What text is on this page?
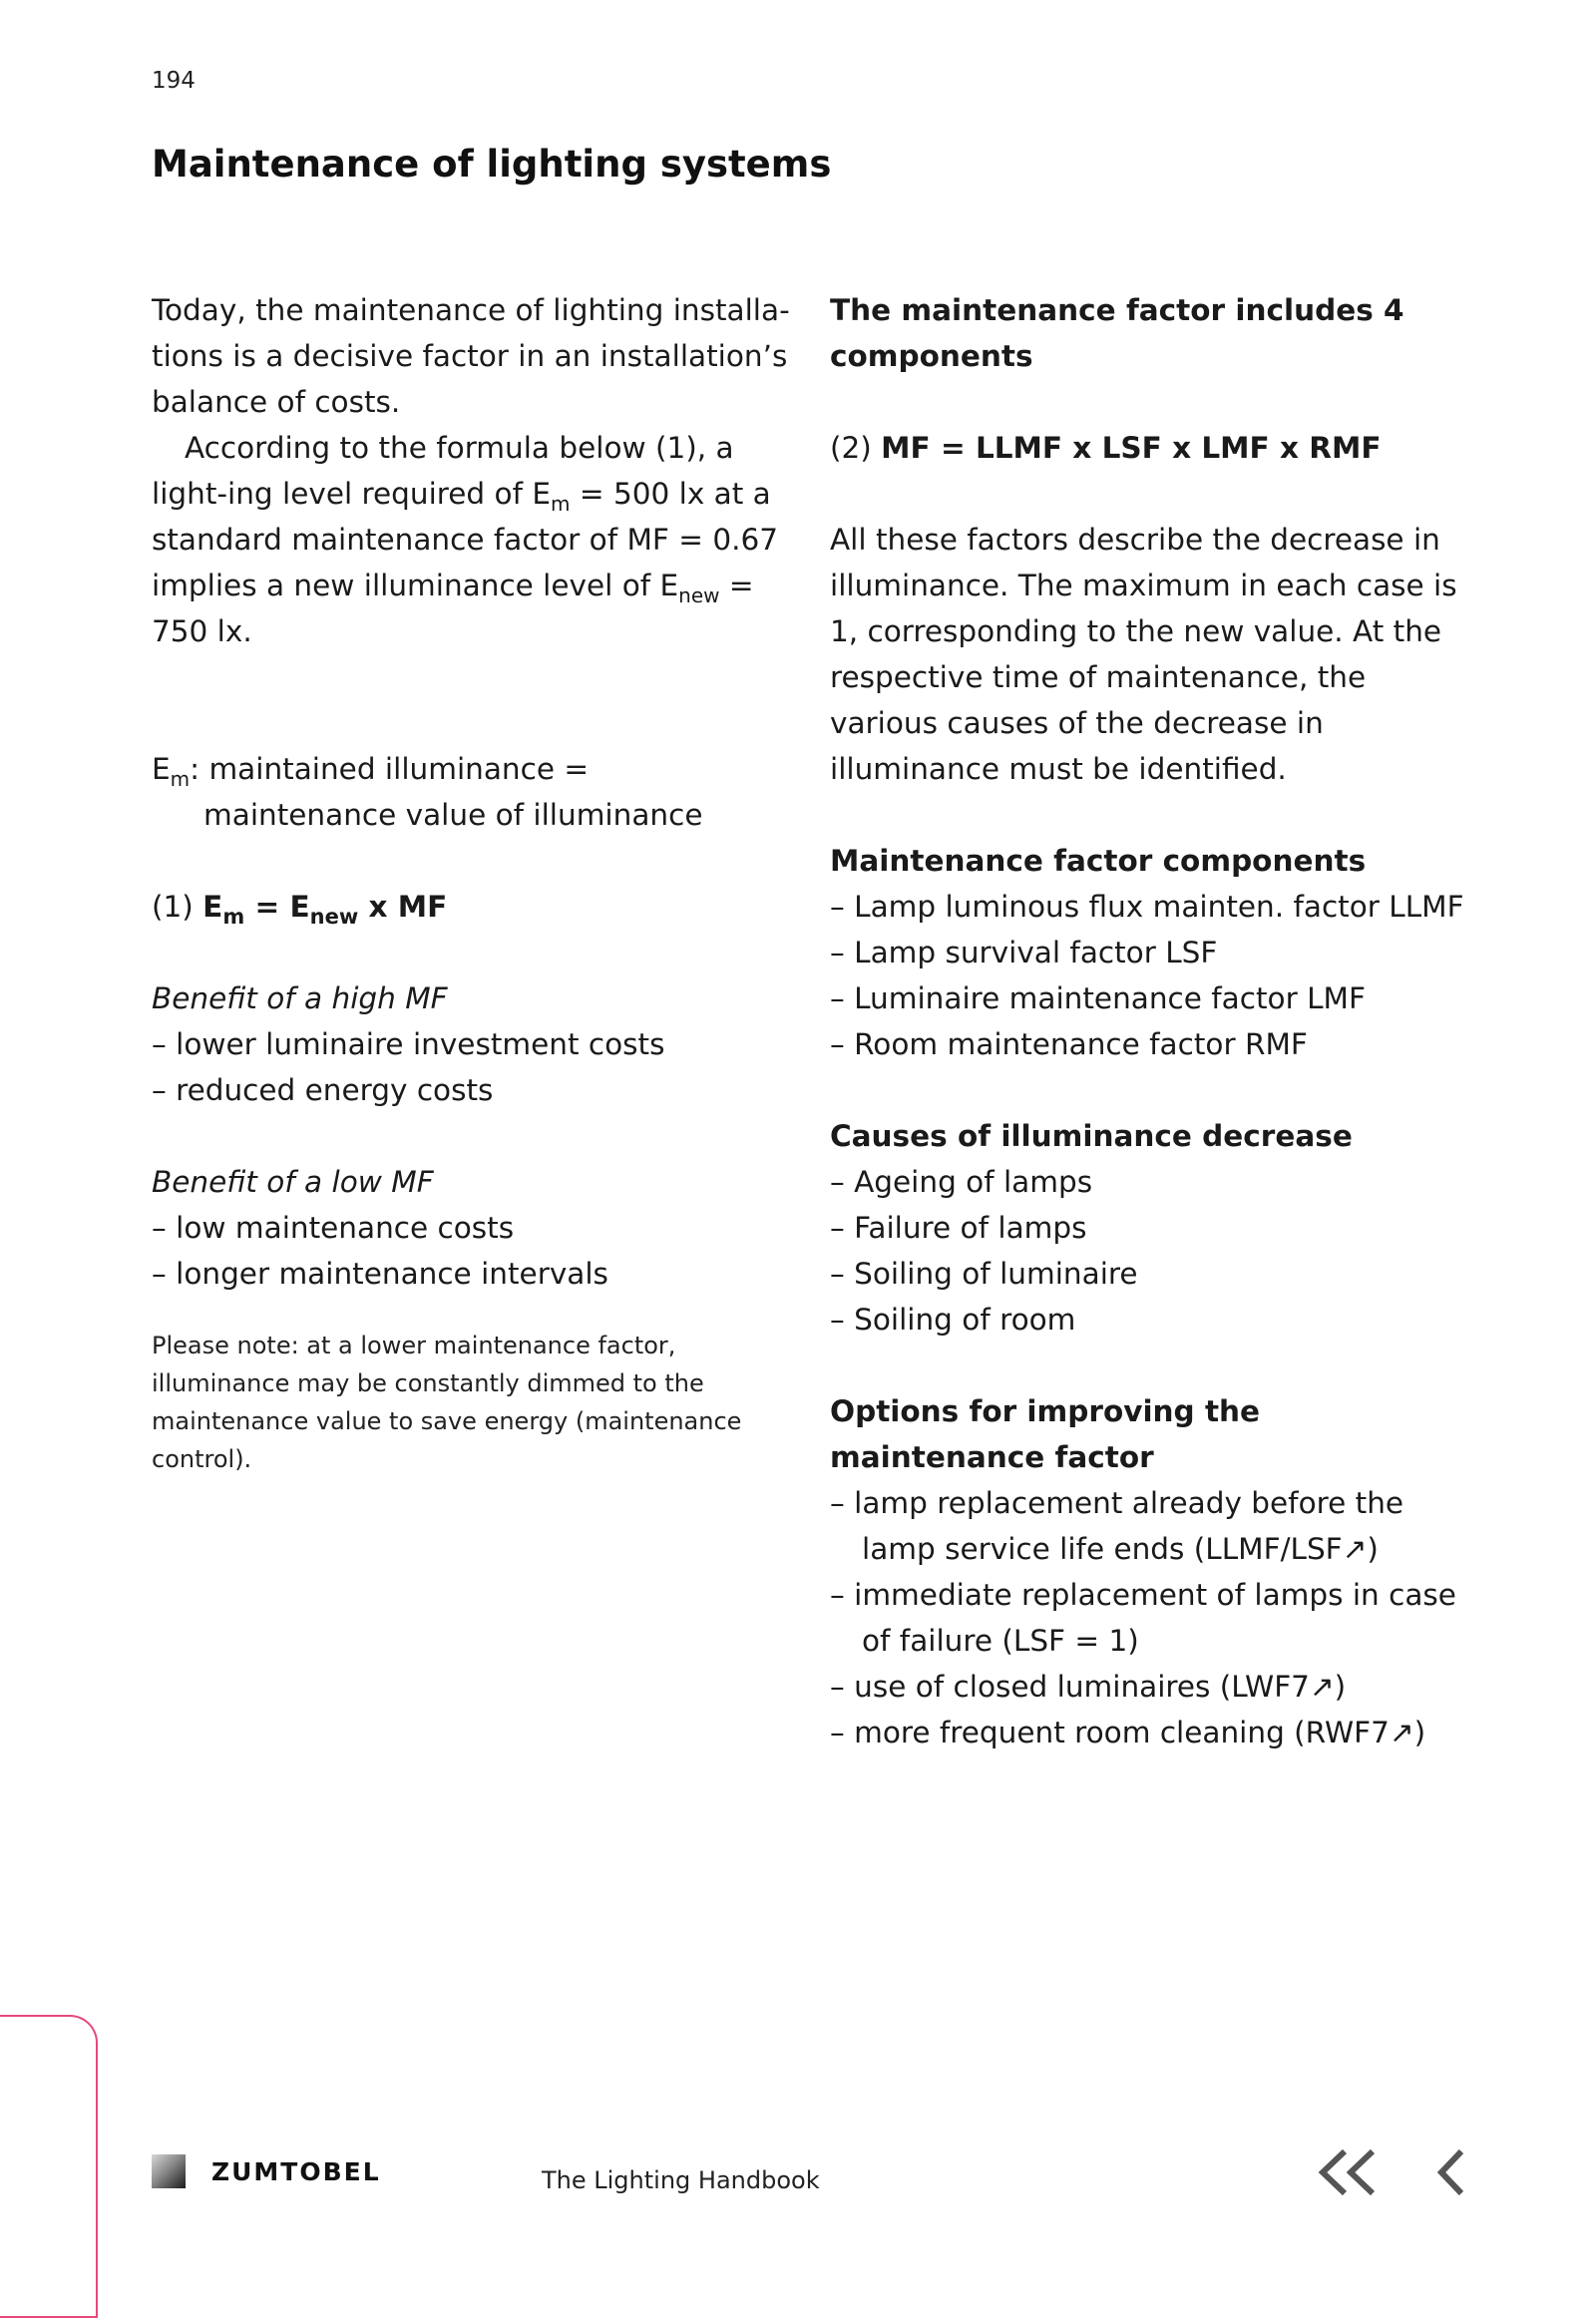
194
Maintenance of lighting systems

Today, the maintenance of lighting installa-tions is a decisive factor in an installation’s balance of costs.

According to the formula below (1), a light-ing level required of $E_m = 500$ lx at a standard maintenance factor of MF = 0.67 implies a new illuminance level of $E_{new} = 750$ lx.

$E_m$: maintained illuminance =

maintenance value of illuminance

(1) $E_m = E_{new}$ x MF

Benefit of a high MF

– lower luminaire investment costs

– reduced energy costs

Benefit of a low MF

– low maintenance costs

– longer maintenance intervals

Please note: at a lower maintenance factor, illuminance may be constantly dimmed to the maintenance value to save energy (maintenance control).

The maintenance factor includes 4 components

(2) MF = LLMF x LSF x LMF x RMF

All these factors describe the decrease in illuminance. The maximum in each case is 1, corresponding to the new value. At the respective time of maintenance, the various causes of the decrease in illuminance must be identified.

Maintenance factor components

– Lamp luminous flux mainten. factor LLMF

– Lamp survival factor LSF

– Luminaire maintenance factor LMF

– Room maintenance factor RMF

Causes of illuminance decrease

– Ageing of lamps

– Failure of lamps

– Soiling of luminaire

– Soiling of room

Options for improving the maintenance factor

– lamp replacement already before the lamp service life ends (LLMF/LSF↗)

– immediate replacement of lamps in case of failure (LSF = 1)

– use of closed luminaires (LWF7↗)

– more frequent room cleaning (RWF7↗)

ZUMTOBEL	The Lighting Handbook
